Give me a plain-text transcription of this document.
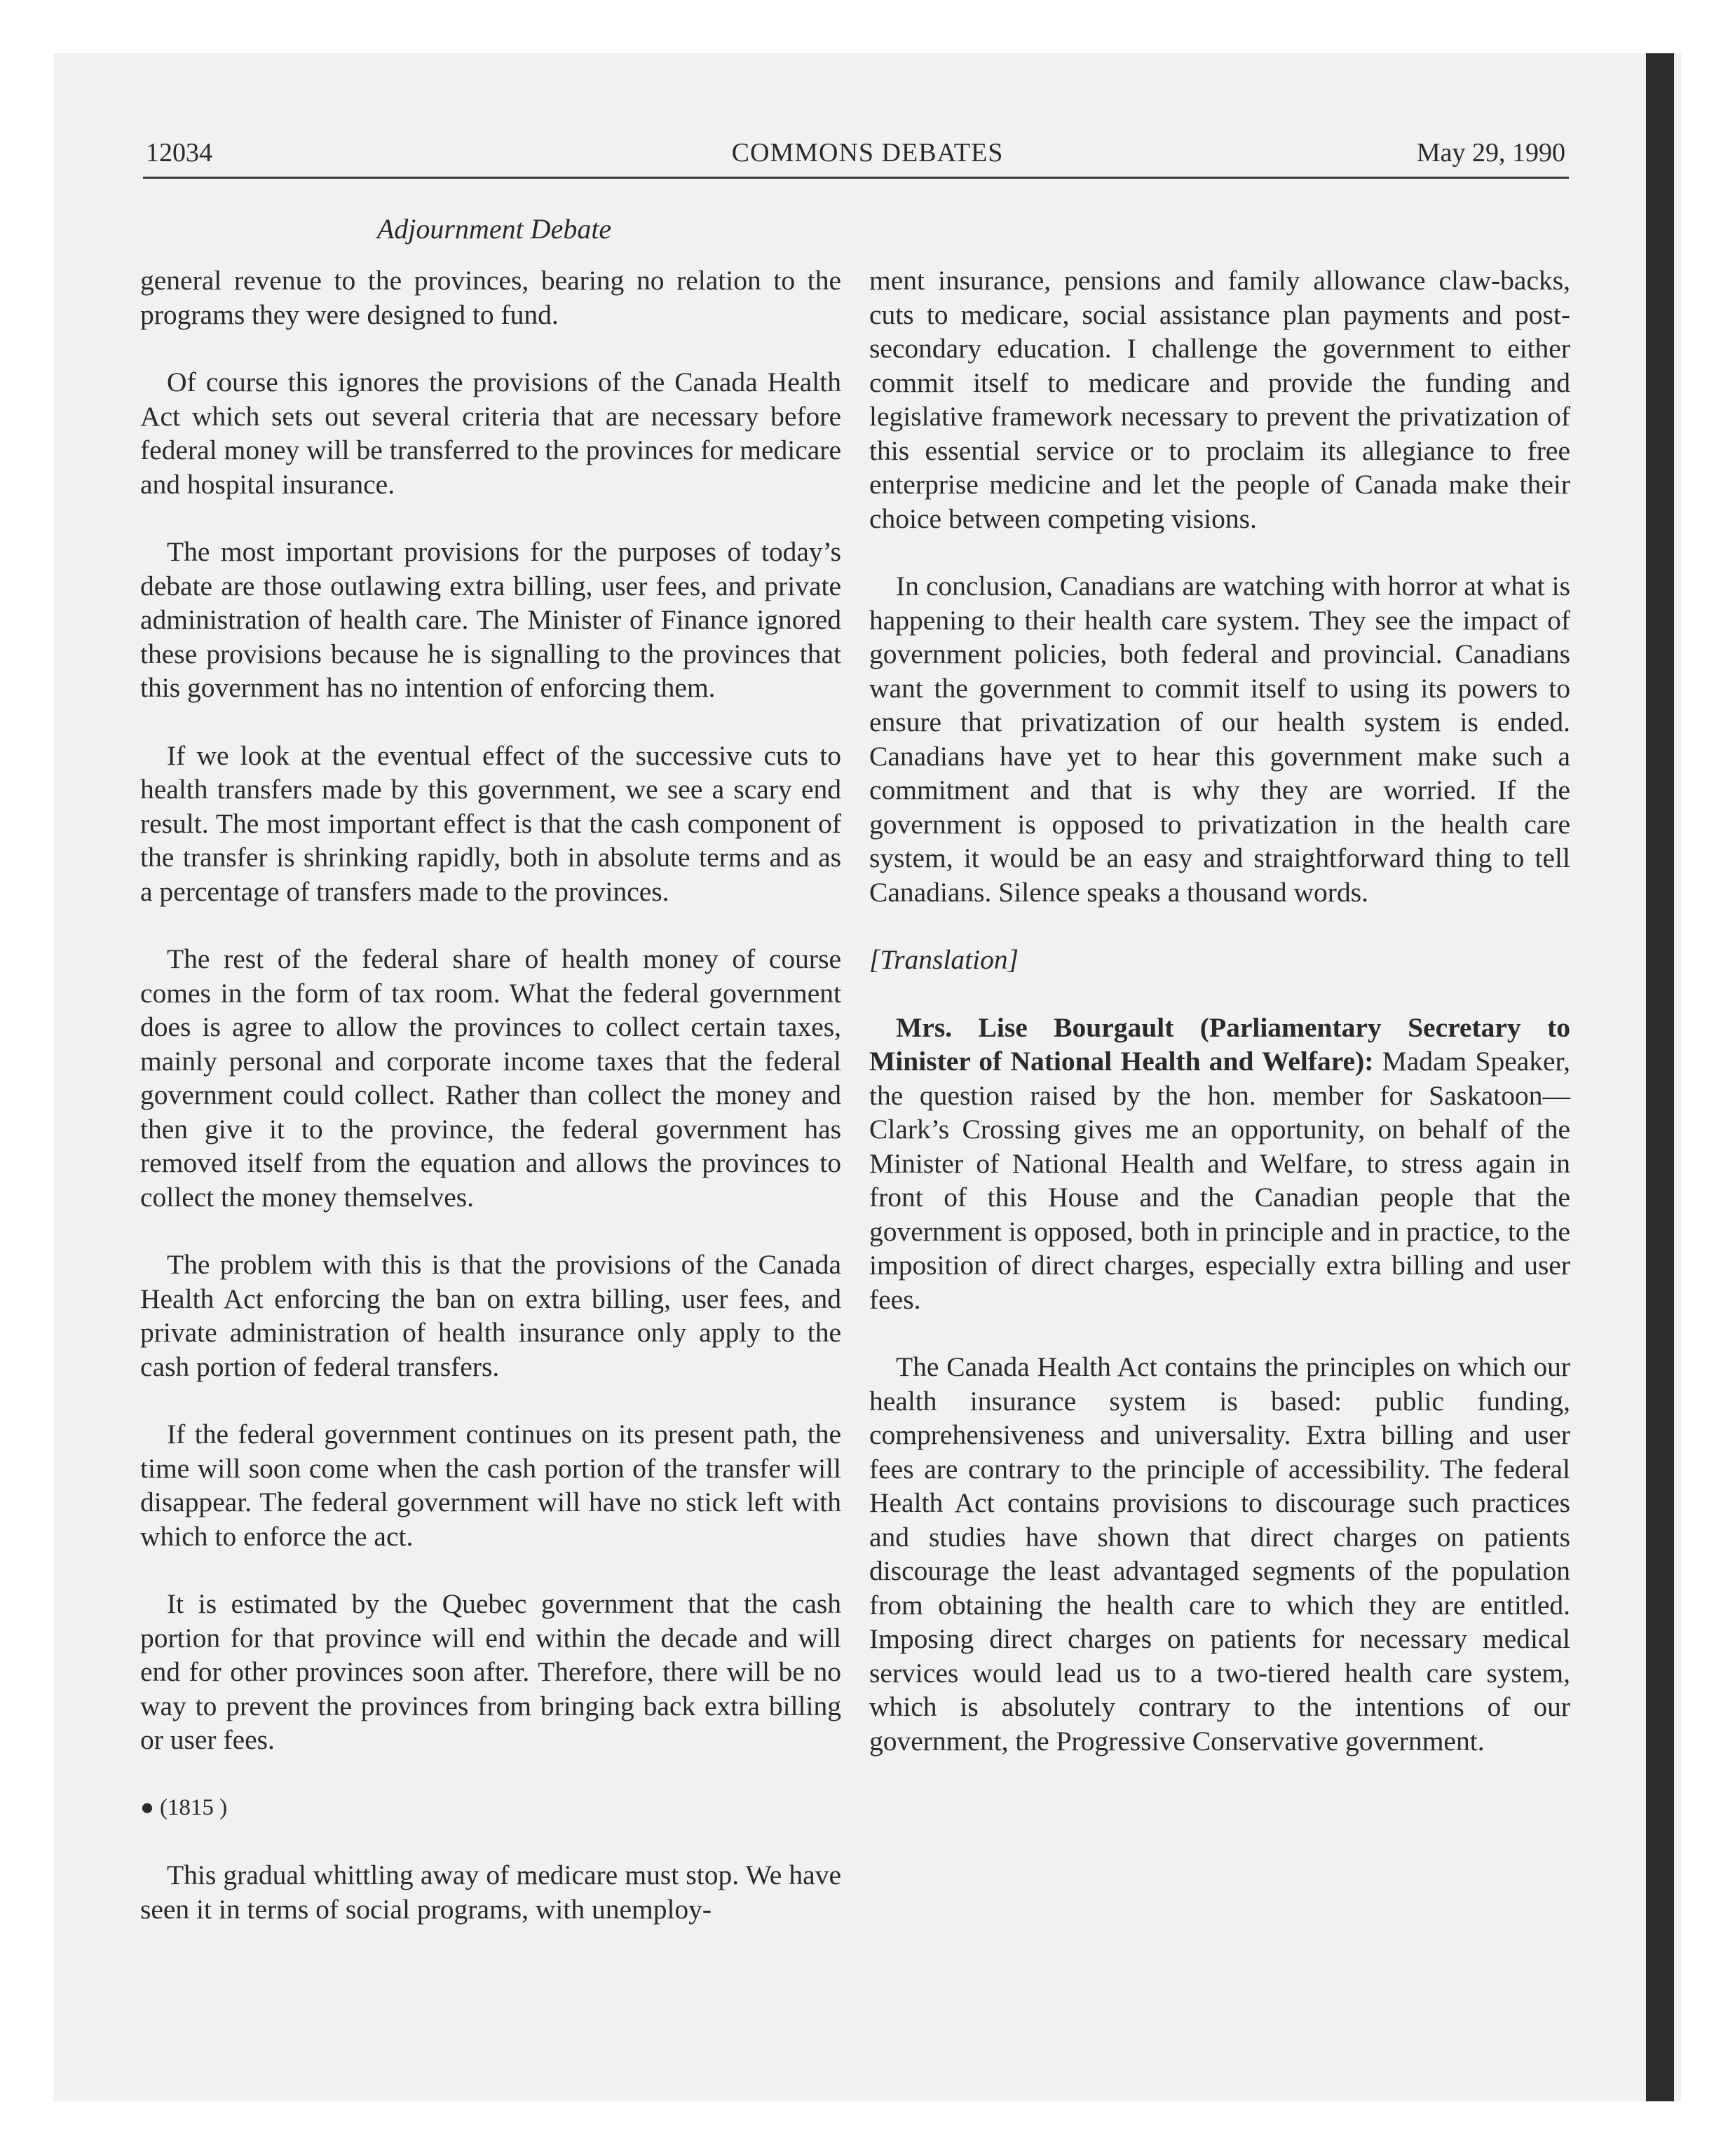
12034	COMMONS DEBATES	May 29, 1990
Adjournment Debate

general revenue to the provinces, bearing no relation to the programs they were designed to fund.

Of course this ignores the provisions of the Canada Health Act which sets out several criteria that are necessary before federal money will be transferred to the provinces for medicare and hospital insurance.

The most important provisions for the purposes of today’s debate are those outlawing extra billing, user fees, and private administration of health care. The Minister of Finance ignored these provisions because he is signalling to the provinces that this government has no intention of enforcing them.

If we look at the eventual effect of the successive cuts to health transfers made by this government, we see a scary end result. The most important effect is that the cash component of the transfer is shrinking rapidly, both in absolute terms and as a percentage of transfers made to the provinces.

The rest of the federal share of health money of course comes in the form of tax room. What the federal government does is agree to allow the provinces to collect certain taxes, mainly personal and corporate income taxes that the federal government could collect. Rather than collect the money and then give it to the province, the federal government has removed itself from the equation and allows the provinces to collect the money themselves.

The problem with this is that the provisions of the Canada Health Act enforcing the ban on extra billing, user fees, and private administration of health insurance only apply to the cash portion of federal transfers.

If the federal government continues on its present path, the time will soon come when the cash portion of the transfer will disappear. The federal government will have no stick left with which to enforce the act.

It is estimated by the Quebec government that the cash portion for that province will end within the decade and will end for other provinces soon after. Therefore, there will be no way to prevent the provinces from bringing back extra billing or user fees.

● (1815 )

This gradual whittling away of medicare must stop. We have seen it in terms of social programs, with unemploy-

ment insurance, pensions and family allowance claw-backs, cuts to medicare, social assistance plan payments and post-secondary education. I challenge the government to either commit itself to medicare and provide the funding and legislative framework necessary to prevent the privatization of this essential service or to proclaim its allegiance to free enterprise medicine and let the people of Canada make their choice between competing visions.

In conclusion, Canadians are watching with horror at what is happening to their health care system. They see the impact of government policies, both federal and provincial. Canadians want the government to commit itself to using its powers to ensure that privatization of our health system is ended. Canadians have yet to hear this government make such a commitment and that is why they are worried. If the government is opposed to privatization in the health care system, it would be an easy and straightforward thing to tell Canadians. Silence speaks a thousand words.

[Translation]

Mrs. Lise Bourgault (Parliamentary Secretary to Minister of National Health and Welfare): Madam Speaker, the question raised by the hon. member for Saskatoon—Clark’s Crossing gives me an opportunity, on behalf of the Minister of National Health and Welfare, to stress again in front of this House and the Canadian people that the government is opposed, both in principle and in practice, to the imposition of direct charges, especially extra billing and user fees.

The Canada Health Act contains the principles on which our health insurance system is based: public funding, comprehensiveness and universality. Extra billing and user fees are contrary to the principle of accessibility. The federal Health Act contains provisions to discourage such practices and studies have shown that direct charges on patients discourage the least advantaged segments of the population from obtaining the health care to which they are entitled. Imposing direct charges on patients for necessary medical services would lead us to a two-tiered health care system, which is absolutely contrary to the intentions of our government, the Progressive Conservative government.
